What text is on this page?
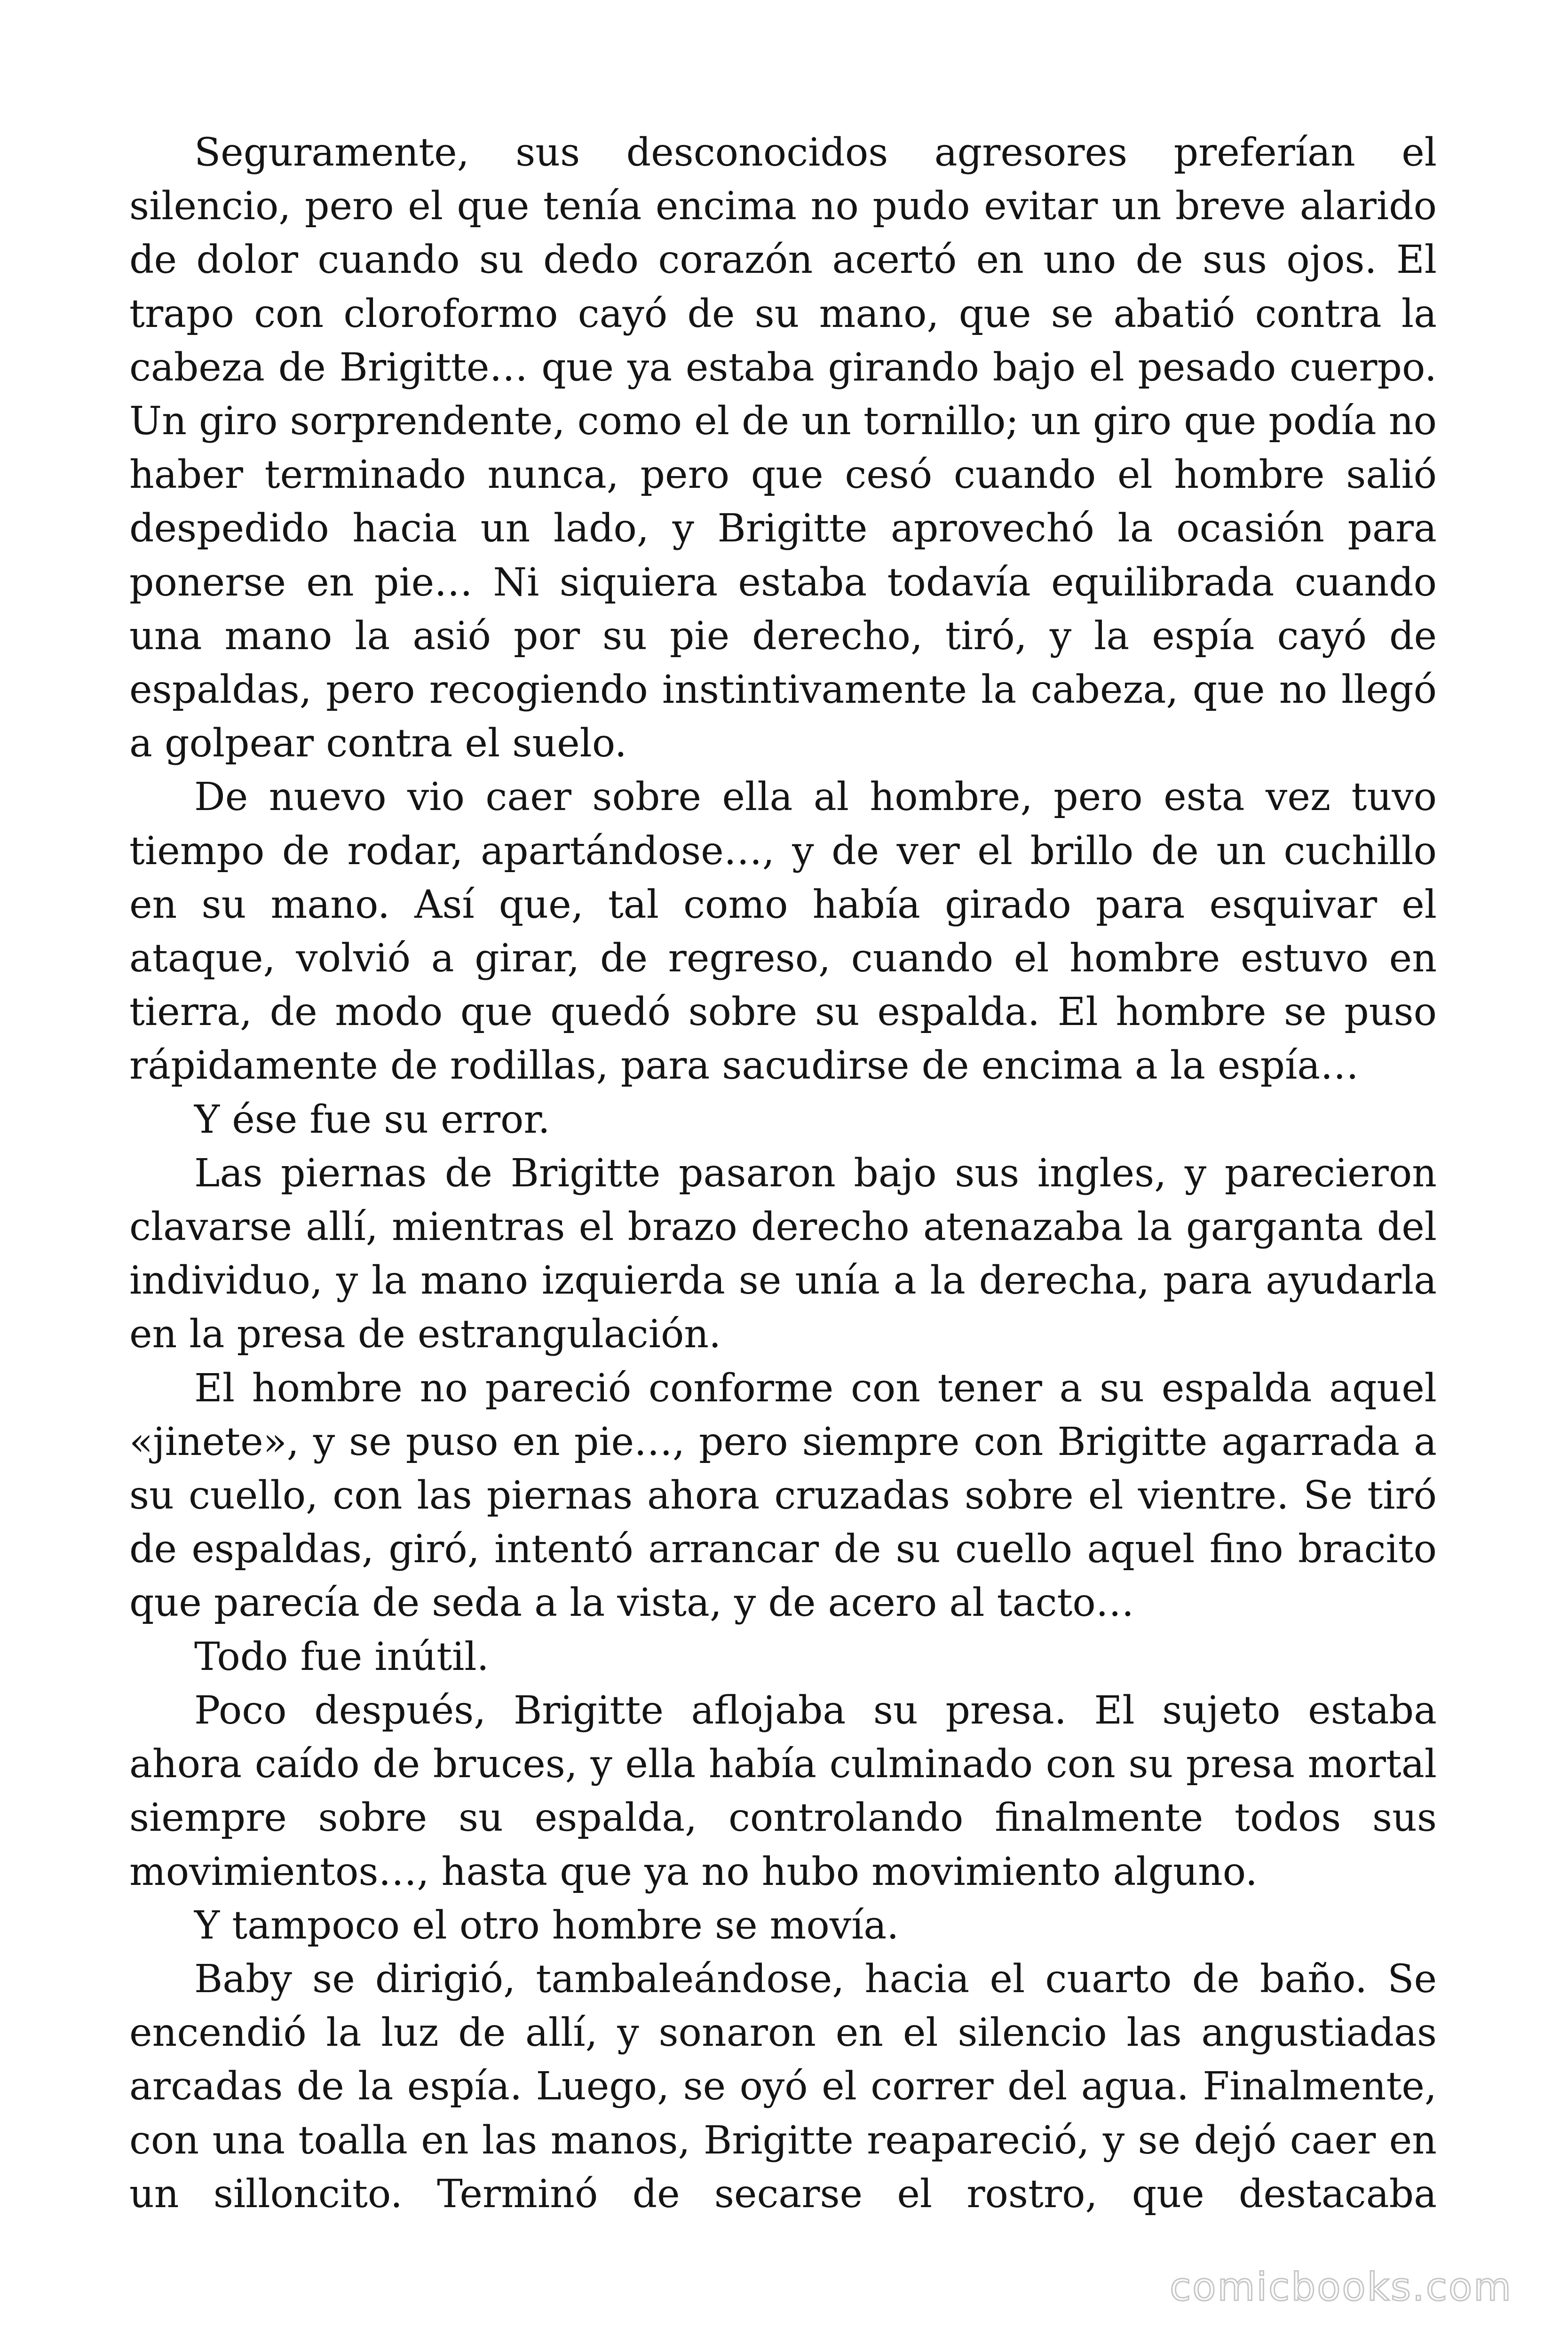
Seguramente, sus desconocidos agresores preferían el silencio, pero el que tenía encima no pudo evitar un breve alarido de dolor cuando su dedo corazón acertó en uno de sus ojos. El trapo con cloroformo cayó de su mano, que se abatió contra la cabeza de Brigitte… que ya estaba girando bajo el pesado cuerpo. Un giro sorprendente, como el de un tornillo; un giro que podía no haber terminado nunca, pero que cesó cuando el hombre salió despedido hacia un lado, y Brigitte aprovechó la ocasión para ponerse en pie… Ni siquiera estaba todavía equilibrada cuando una mano la asió por su pie derecho, tiró, y la espía cayó de espaldas, pero recogiendo instintivamente la cabeza, que no llegó a golpear contra el suelo.

De nuevo vio caer sobre ella al hombre, pero esta vez tuvo tiempo de rodar, apartándose…, y de ver el brillo de un cuchillo en su mano. Así que, tal como había girado para esquivar el ataque, volvió a girar, de regreso, cuando el hombre estuvo en tierra, de modo que quedó sobre su espalda. El hombre se puso rápidamente de rodillas, para sacudirse de encima a la espía…

Y ése fue su error.

Las piernas de Brigitte pasaron bajo sus ingles, y parecieron clavarse allí, mientras el brazo derecho atenazaba la garganta del individuo, y la mano izquierda se unía a la derecha, para ayudarla en la presa de estrangulación.

El hombre no pareció conforme con tener a su espalda aquel «jinete», y se puso en pie…, pero siempre con Brigitte agarrada a su cuello, con las piernas ahora cruzadas sobre el vientre. Se tiró de espaldas, giró, intentó arrancar de su cuello aquel fino bracito que parecía de seda a la vista, y de acero al tacto…

Todo fue inútil.

Poco después, Brigitte aflojaba su presa. El sujeto estaba ahora caído de bruces, y ella había culminado con su presa mortal siempre sobre su espalda, controlando finalmente todos sus movimientos…, hasta que ya no hubo movimiento alguno.

Y tampoco el otro hombre se movía.

Baby se dirigió, tambaleándose, hacia el cuarto de baño. Se encendió la luz de allí, y sonaron en el silencio las angustiadas arcadas de la espía. Luego, se oyó el correr del agua. Finalmente, con una toalla en las manos, Brigitte reapareció, y se dejó caer en un silloncito. Terminó de secarse el rostro, que destacaba

comicbooks.com
